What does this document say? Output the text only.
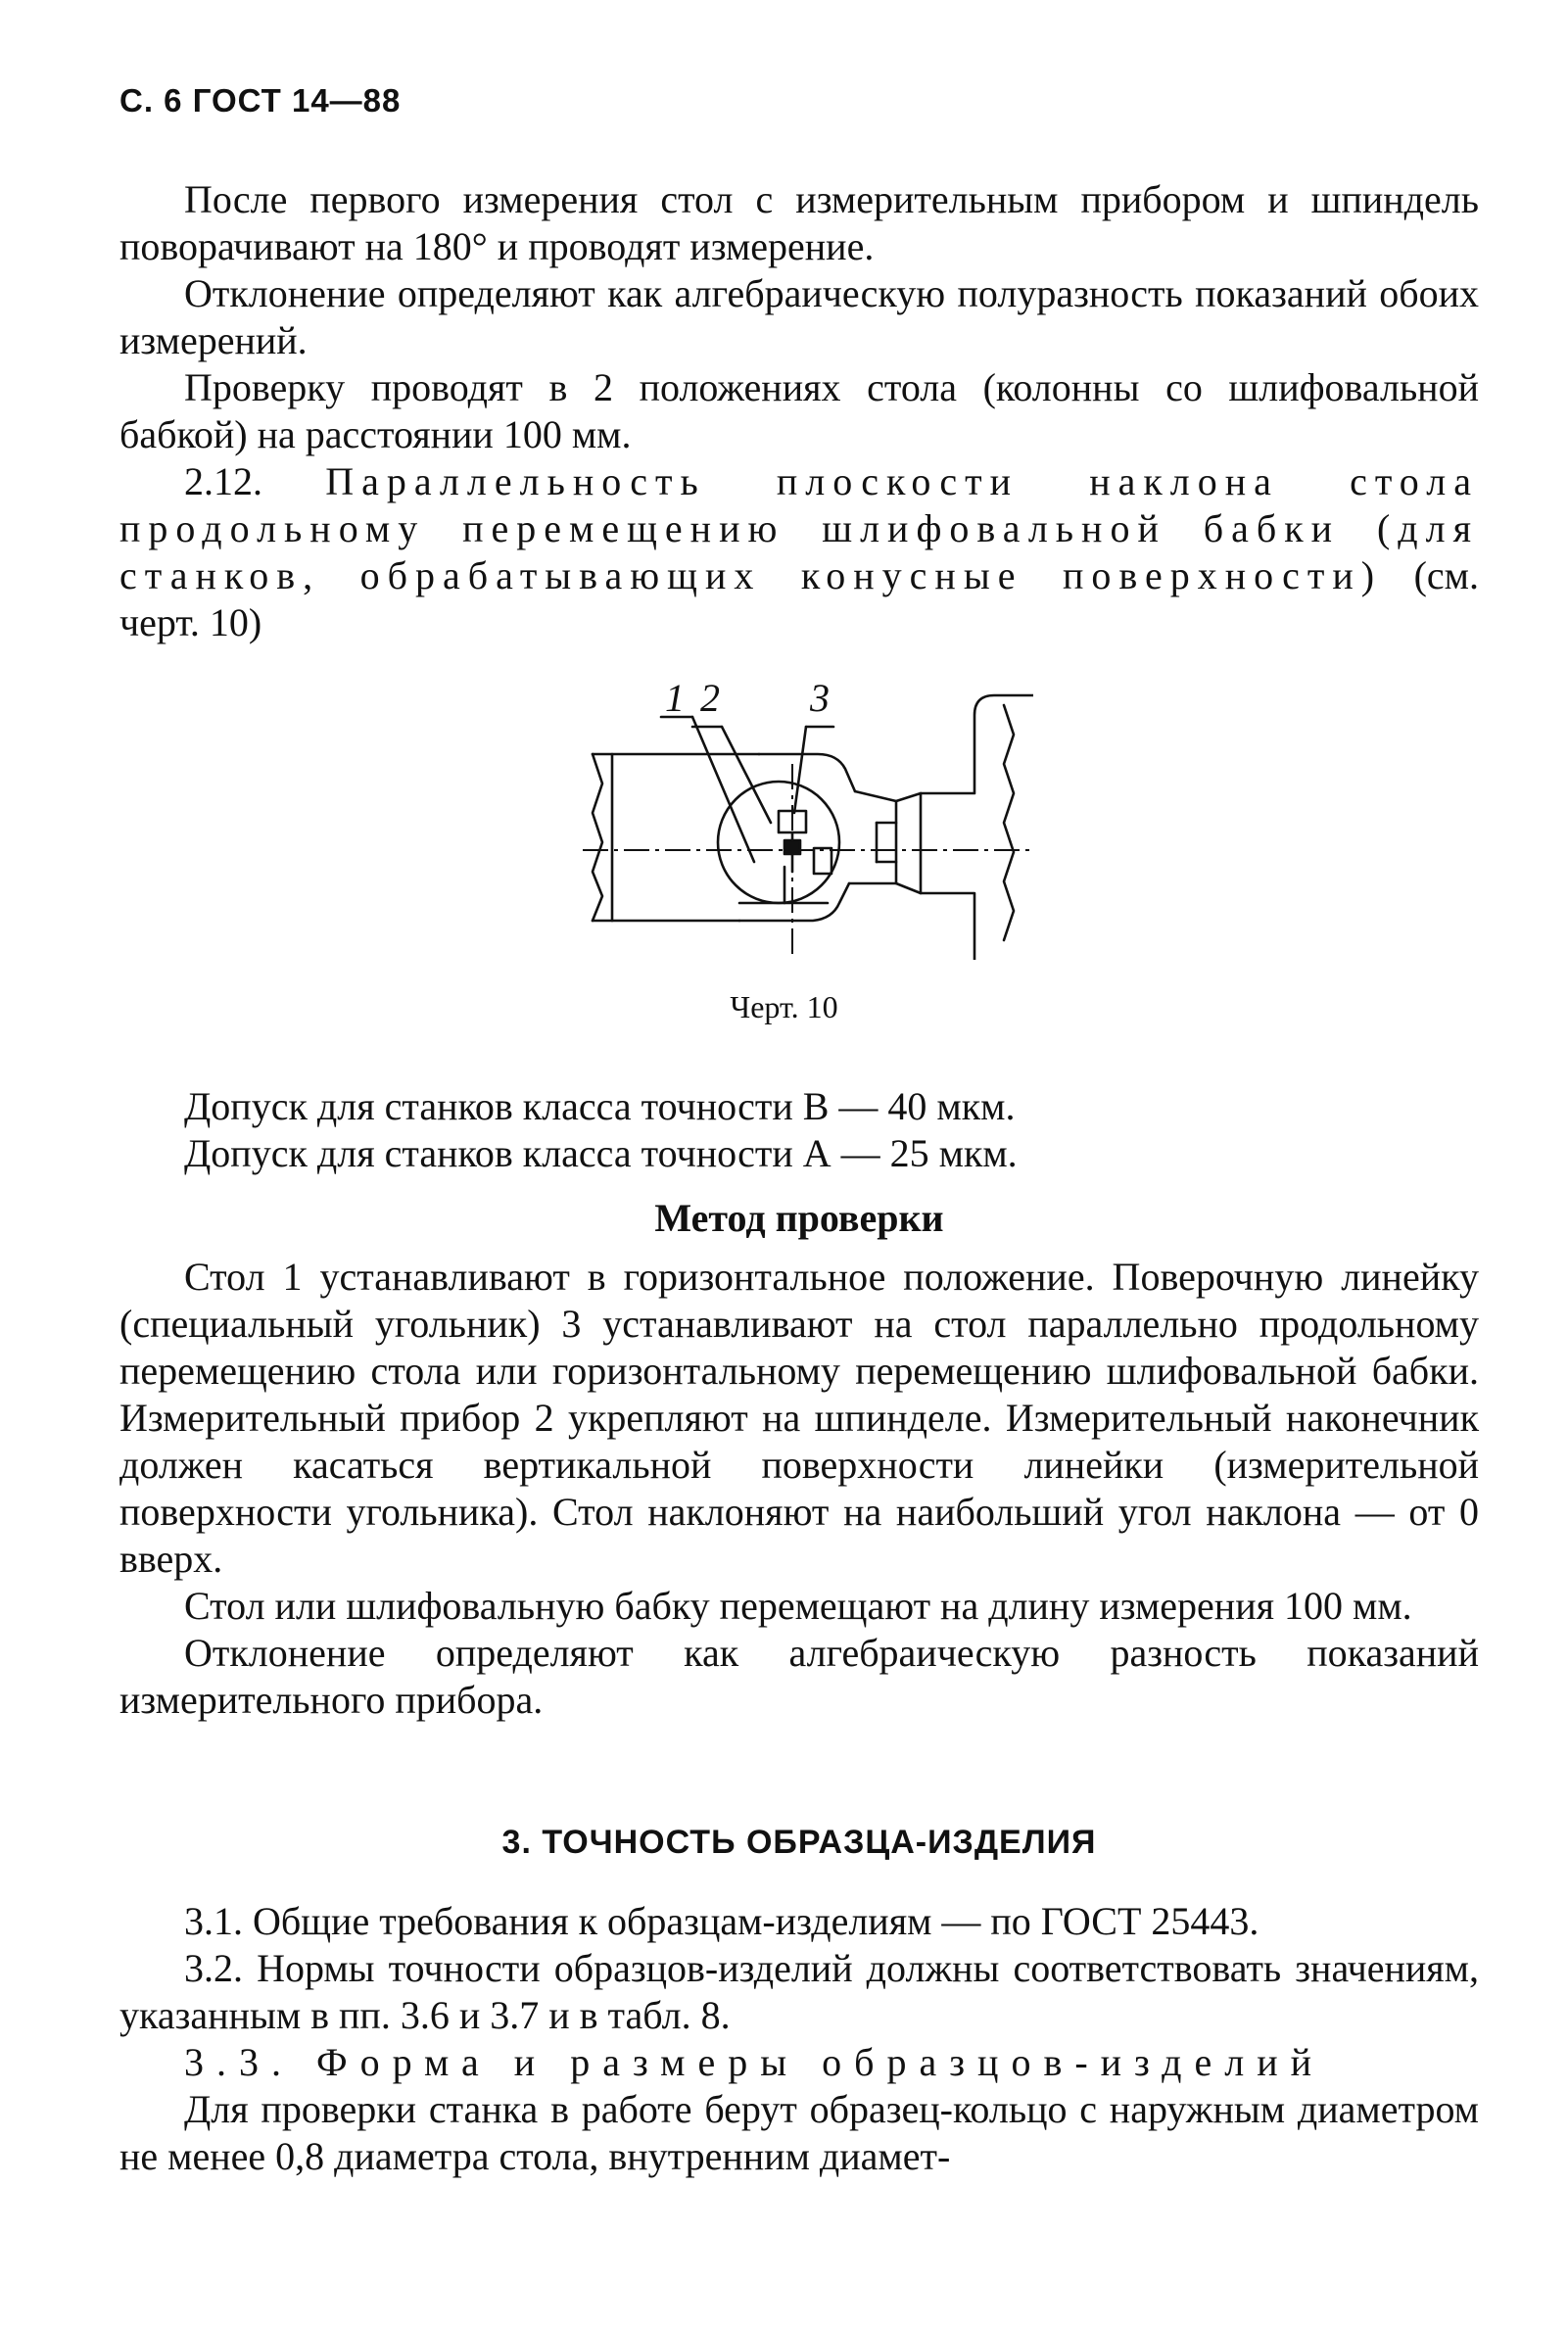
С. 6 ГОСТ 14—88

После первого измерения стол с измерительным прибором и шпиндель поворачивают на 180° и проводят измерение.

Отклонение определяют как алгебраическую полуразность показаний обоих измерений.

Проверку проводят в 2 положениях стола (колонны со шлифовальной бабкой) на расстоянии 100 мм.

2.12. Параллельность плоскости наклона стола продольному перемещению шлифовальной бабки (для станков, обрабатывающих конусные поверхности) (см. черт. 10)

1 2 3
Черт. 10

Допуск для станков класса точности В — 40 мкм.

Допуск для станков класса точности А — 25 мкм.

Метод проверки

Стол 1 устанавливают в горизонтальное положение. Поверочную линейку (специальный угольник) 3 устанавливают на стол параллельно продольному перемещению стола или горизонтальному перемещению шлифовальной бабки. Измерительный прибор 2 укрепляют на шпинделе. Измерительный наконечник должен касаться вертикальной поверхности линейки (измерительной поверхности угольника). Стол наклоняют на наибольший угол наклона — от 0 вверх.

Стол или шлифовальную бабку перемещают на длину измерения 100 мм.

Отклонение определяют как алгебраическую разность показаний измерительного прибора.

3. ТОЧНОСТЬ ОБРАЗЦА-ИЗДЕЛИЯ

3.1. Общие требования к образцам-изделиям — по ГОСТ 25443.

3.2. Нормы точности образцов-изделий должны соответствовать значениям, указанным в пп. 3.6 и 3.7 и в табл. 8.

3.3. Форма и размеры образцов-изделий

Для проверки станка в работе берут образец-кольцо с наружным диаметром не менее 0,8 диаметра стола, внутренним диамет-
